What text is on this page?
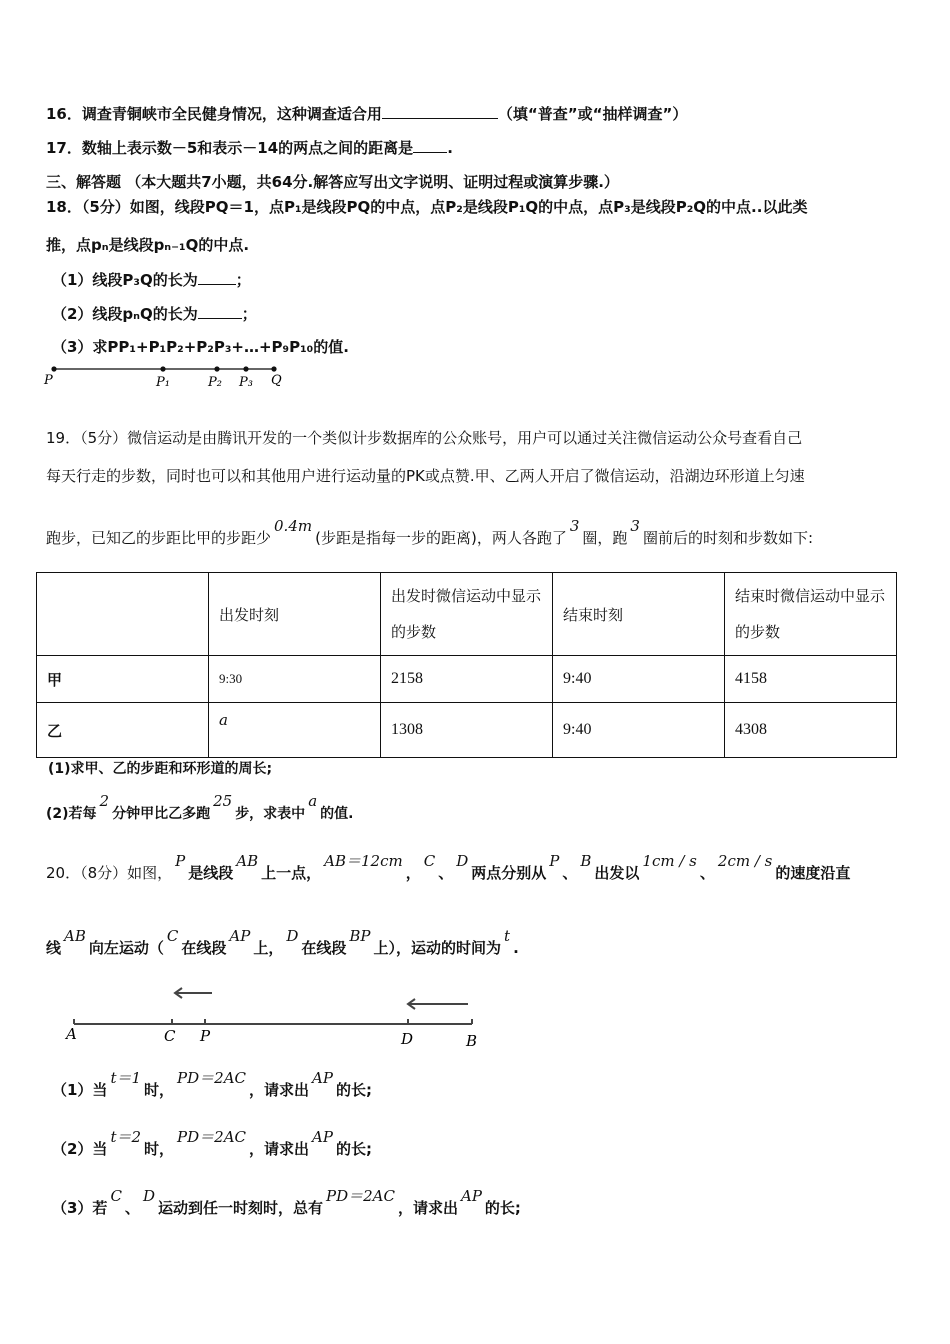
16．调查青铜峡市全民健身情况，这种调查适合用	（填“普查”或“抽样调查”）
17．数轴上表示数－5和表示－14的两点之间的距离是 .
三、解答题 （本大题共7小题，共64分.解答应写出文字说明、证明过程或演算步骤.）
18．（5分）如图，线段PQ＝1，点P₁是线段PQ的中点，点P₂是线段P₁Q的中点，点P₃是线段P₂Q的中点..以此类
推，点pₙ是线段pₙ₋₁Q的中点.
（1）线段P₃Q的长为	；
（2）线段pₙQ的长为	；
（3）求PP₁+P₁P₂+P₂P₃+…+P₉P₁₀的值.
P	P₁	P₂ P₃ Q
19．（5分）微信运动是由腾讯开发的一个类似计步数据库的公众账号，用户可以通过关注微信运动公众号查看自己
每天行走的步数，同时也可以和其他用户进行运动量的PK或点赞.甲、乙两人开启了微信运动，沿湖边环形道上匀速
跑步，已知乙的步距比甲的步距少0.4m(步距是指每一步的距离)，两人各跑了3圈，跑3圈前后的时刻和步数如下:
	出发时刻	出发时微信运动中显示的步数	结束时刻	结束时微信运动中显示的步数
甲	9:30	2158	9:40	4158
乙	a	1308	9:40	4308
(1)求甲、乙的步距和环形道的周长;
(2)若每2分钟甲比乙多跑25步，求表中a的值.
20．（8分）如图，P是线段AB上一点，AB＝12cm，C、D两点分别从P、B出发以1cm / s、2cm / s的速度沿直
线AB向左运动（C在线段AP上，D在线段BP上），运动的时间为t.
A	C P	D	B
（1）当t＝1时，PD＝2AC，请求出AP的长;
（2）当t＝2时，PD＝2AC，请求出AP的长;
（3）若C、D运动到任一时刻时，总有PD＝2AC，请求出AP的长;
